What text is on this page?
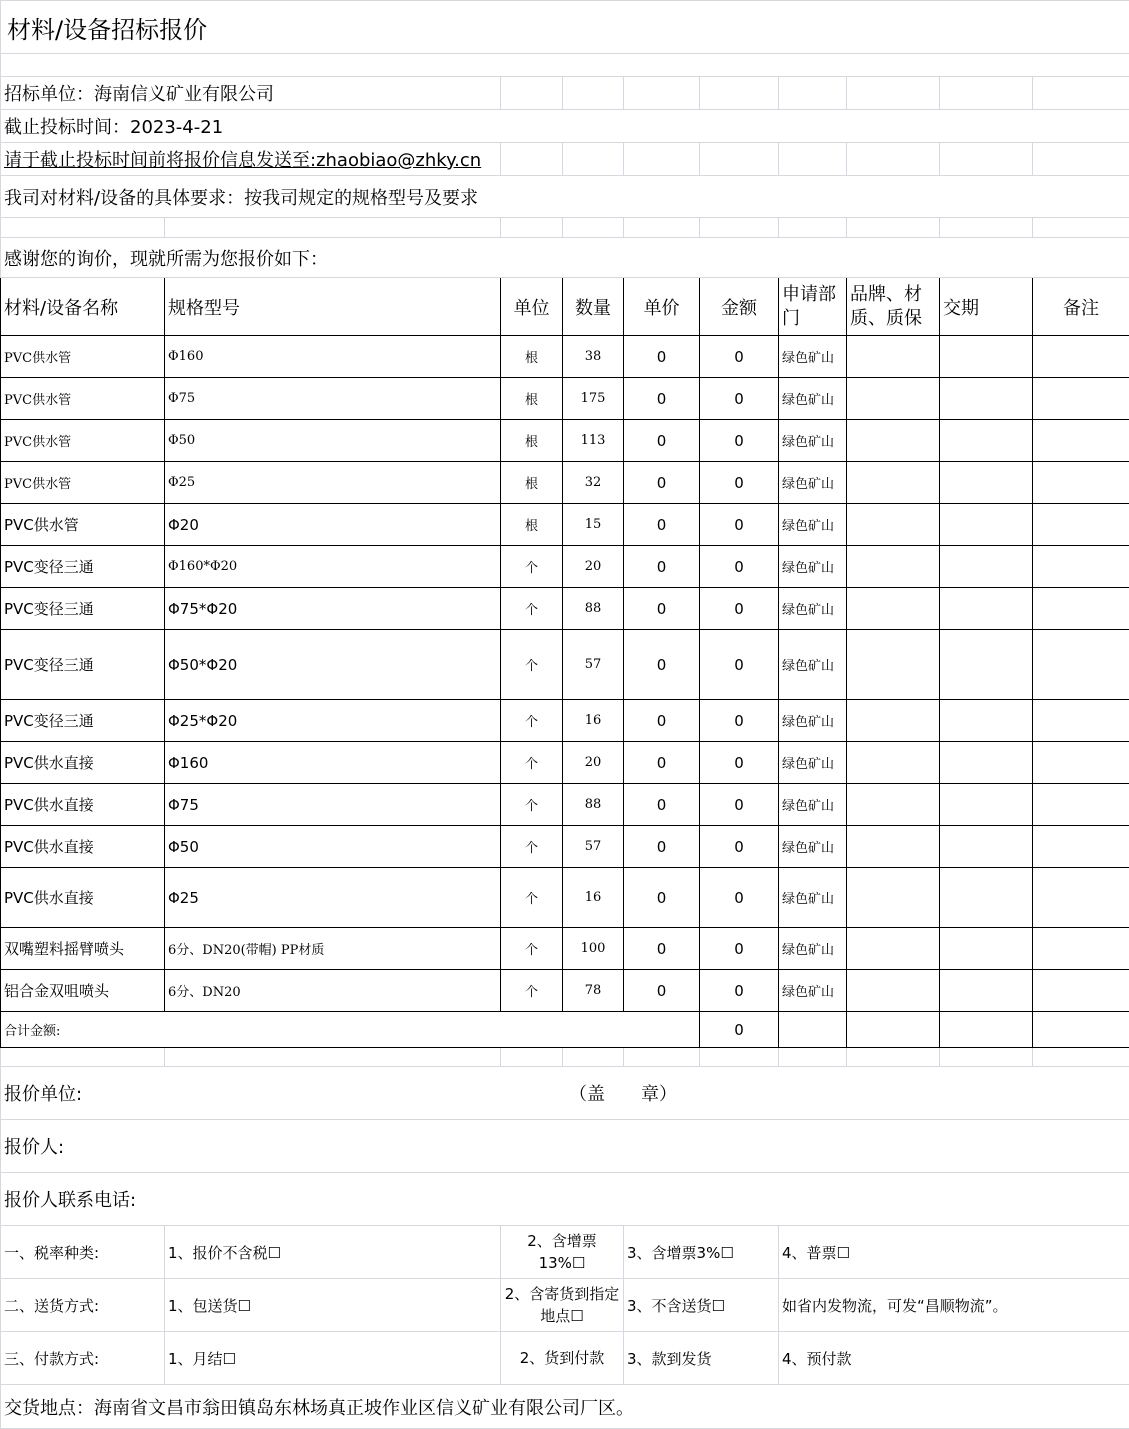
材料/设备招标报价									

招标单位：海南信义矿业有限公司									
截止投标时间：2023-4-21									
请于截止投标时间前将报价信息发送至:zhaobiao@zhky.cn									
我司对材料/设备的具体要求：按我司规定的规格型号及要求									

感谢您的询价，现就所需为您报价如下：									
材料/设备名称	规格型号	单位	数量	单价	金额	申请部门	品牌、材质、质保	交期	备注
PVC供水管	Φ160	根	38	0	0	绿色矿山			
PVC供水管	Φ75	根	175	0	0	绿色矿山			
PVC供水管	Φ50	根	113	0	0	绿色矿山			
PVC供水管	Φ25	根	32	0	0	绿色矿山			
PVC供水管	Φ20	根	15	0	0	绿色矿山			
PVC变径三通	Φ160*Φ20	个	20	0	0	绿色矿山			
PVC变径三通	Φ75*Φ20	个	88	0	0	绿色矿山			
PVC变径三通	Φ50*Φ20	个	57	0	0	绿色矿山			
PVC变径三通	Φ25*Φ20	个	16	0	0	绿色矿山			
PVC供水直接	Φ160	个	20	0	0	绿色矿山			
PVC供水直接	Φ75	个	88	0	0	绿色矿山			
PVC供水直接	Φ50	个	57	0	0	绿色矿山			
PVC供水直接	Φ25	个	16	0	0	绿色矿山			
双嘴塑料摇臂喷头	6分、DN20(带帽) PP材质	个	100	0	0	绿色矿山			
铝合金双咀喷头	6分、DN20	个	78	0	0	绿色矿山			
合计金额:					0				

报价单位: （盖　　章）									

报价人:									
报价人联系电话:									
一、税率种类:	1、报价不含税☐	2、含增票13%☐		3、含增票3%☐		4、普票☐			
二、送货方式:	1、包送货☐	2、含寄货到指定地点☐		3、不含送货☐		如省内发物流，可发“昌顺物流”。			
三、付款方式:	1、月结☐	2、货到付款		3、款到发货		4、预付款			
交货地点：海南省文昌市翁田镇岛东林场真正坡作业区信义矿业有限公司厂区。									
